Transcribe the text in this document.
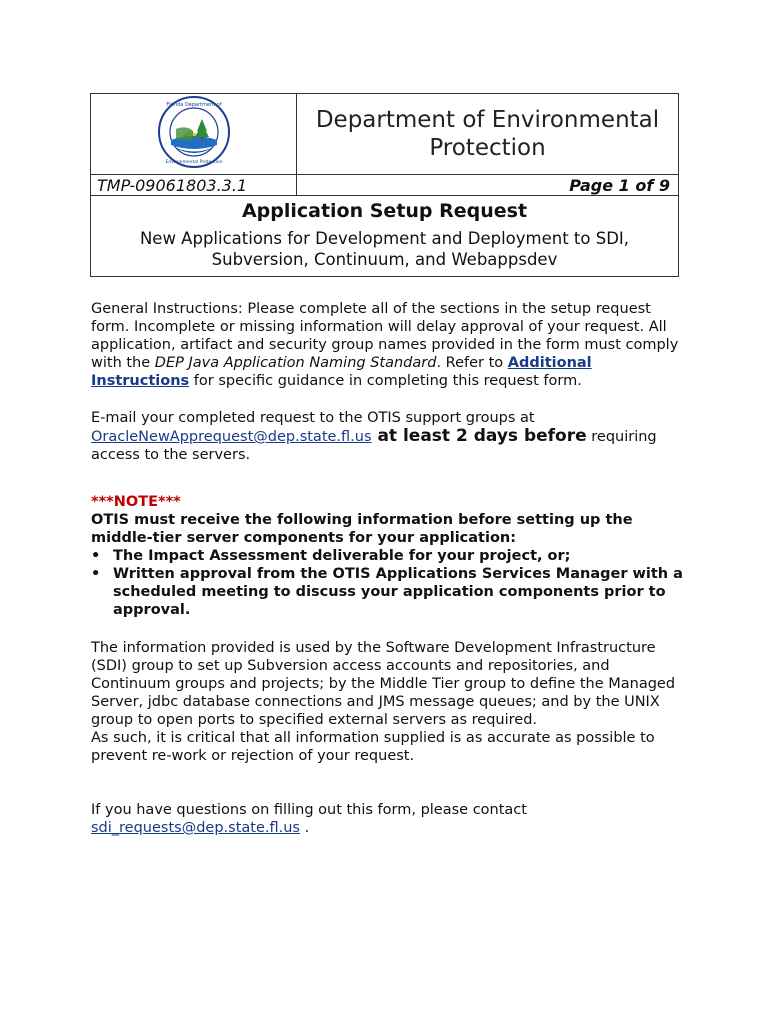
Florida Department of
Environmental Protection	Department of Environmental Protection
TMP-09061803.3.1	Page 1 of 9

Application Setup Request
New Applications for Development and Deployment to SDI, Subversion, Continuum, and Webappsdev	
General Instructions: Please complete all of the sections in the setup request form. Incomplete or missing information will delay approval of your request. All application, artifact and security group names provided in the form must comply with the DEP Java Application Naming Standard. Refer to Additional Instructions for specific guidance in completing this request form.
E-mail your completed request to the OTIS support groups at OracleNewApprequest@dep.state.fl.us at least 2 days before requiring access to the servers.
***NOTE***
OTIS must receive the following information before setting up the middle-tier server components for your application:
• The Impact Assessment deliverable for your project, or;
• Written approval from the OTIS Applications Services Manager with a scheduled meeting to discuss your application components prior to approval.
The information provided is used by the Software Development Infrastructure (SDI) group to set up Subversion access accounts and repositories, and Continuum groups and projects; by the Middle Tier group to define the Managed Server, jdbc database connections and JMS message queues; and by the UNIX group to open ports to specified external servers as required.
As such, it is critical that all information supplied is as accurate as possible to prevent re-work or rejection of your request.
If you have questions on filling out this form, please contact
sdi_requests@dep.state.fl.us .
